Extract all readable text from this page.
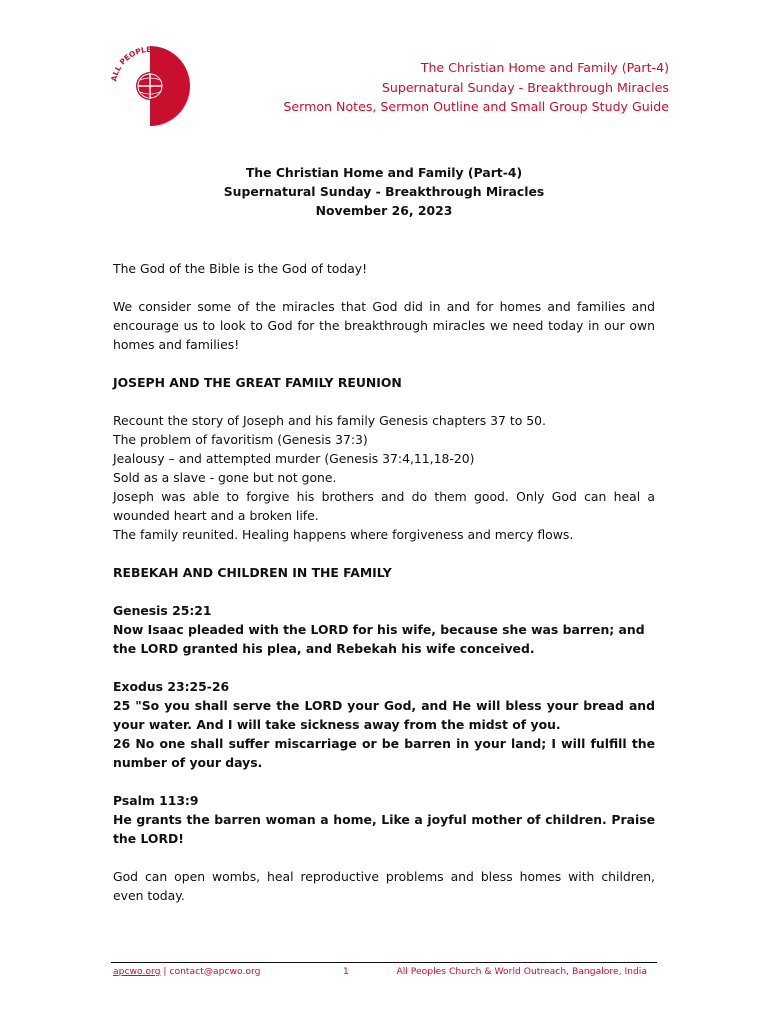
ALL PEOPLES CHURCH	The Christian Home and Family (Part-4)
Supernatural Sunday - Breakthrough Miracles
Sermon Notes, Sermon Outline and Small Group Study Guide
The Christian Home and Family (Part-4)
Supernatural Sunday - Breakthrough Miracles
November 26, 2023

The God of the Bible is the God of today!

We consider some of the miracles that God did in and for homes and families and encourage us to look to God for the breakthrough miracles we need today in our own homes and families!

JOSEPH AND THE GREAT FAMILY REUNION

Recount the story of Joseph and his family Genesis chapters 37 to 50.

The problem of favoritism (Genesis 37:3)

Jealousy – and attempted murder (Genesis 37:4,11,18-20)

Sold as a slave - gone but not gone.

Joseph was able to forgive his brothers and do them good. Only God can heal a wounded heart and a broken life.

The family reunited. Healing happens where forgiveness and mercy flows.

REBEKAH AND CHILDREN IN THE FAMILY

Genesis 25:21

Now Isaac pleaded with the LORD for his wife, because she was barren; and the LORD granted his plea, and Rebekah his wife conceived.

Exodus 23:25-26

25 "So you shall serve the LORD your God, and He will bless your bread and your water. And I will take sickness away from the midst of you.

26 No one shall suffer miscarriage or be barren in your land; I will fulfill the number of your days.

Psalm 113:9

He grants the barren woman a home, Like a joyful mother of children. Praise the LORD!

God can open wombs, heal reproductive problems and bless homes with children, even today.

apcwo.org | contact@apcwo.org	1	All Peoples Church & World Outreach, Bangalore, India
